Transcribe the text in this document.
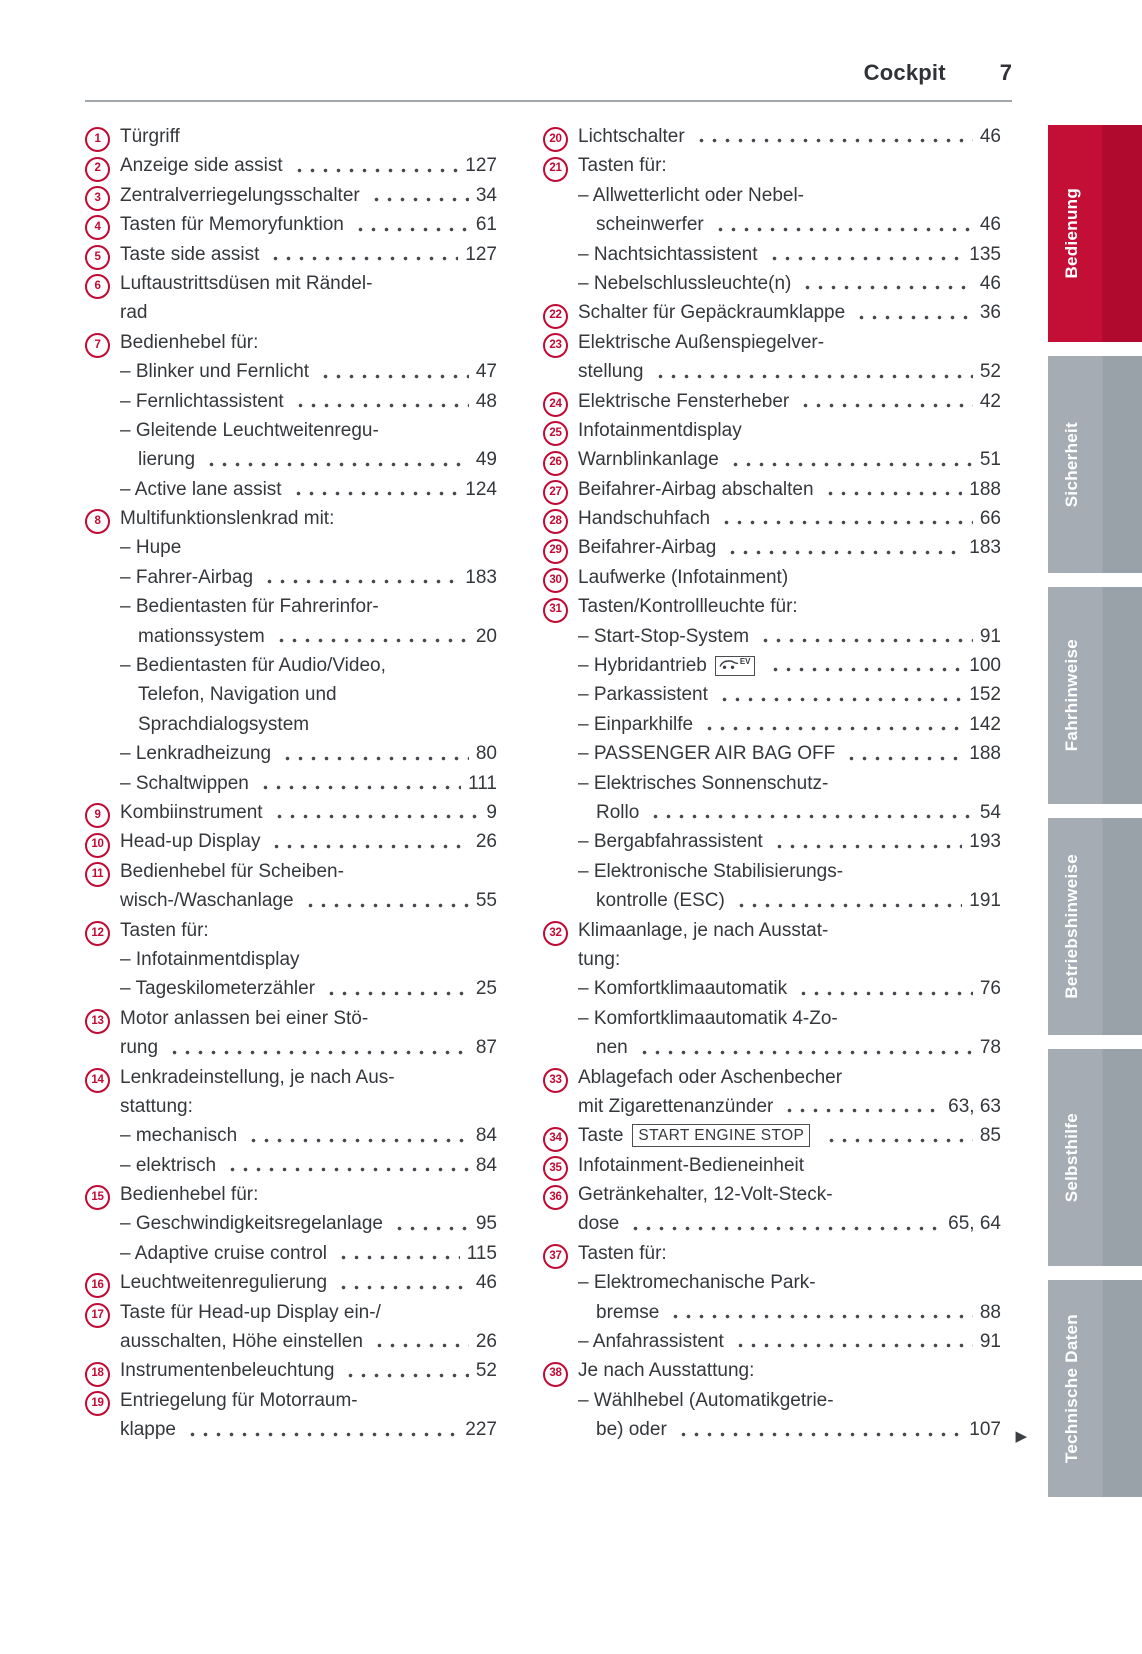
Cockpit 7
1	Türgriff
2	Anzeige side assist	127
3	Zentralverriegelungsschalter	34
4	Tasten für Memoryfunktion	61
5	Taste side assist	127
6	Luftaustrittsdüsen mit Rändel-
rad
7	Bedienhebel für:
– Blinker und Fernlicht	47
– Fernlichtassistent	48
– Gleitende Leuchtweitenregu-
lierung	49
– Active lane assist	124
8	Multifunktionslenkrad mit:
– Hupe
– Fahrer-Airbag	183
– Bedientasten für Fahrerinfor-
mationssystem	20
– Bedientasten für Audio/Video,
Telefon, Navigation und
Sprachdialogsystem
– Lenkradheizung	80
– Schaltwippen	111
9	Kombiinstrument	9
10 Head-up Display	26
11 Bedienhebel für Scheiben-
wisch-/Waschanlage	55
12 Tasten für:
– Infotainmentdisplay
– Tageskilometerzähler	25
13 Motor anlassen bei einer Stö-
rung	87
14 Lenkradeinstellung, je nach Aus-
stattung:
– mechanisch	84
– elektrisch	84
15 Bedienhebel für:
– Geschwindigkeitsregelanlage	95
– Adaptive cruise control	115
16 Leuchtweitenregulierung	46
17 Taste für Head-up Display ein-/
ausschalten, Höhe einstellen	26
18 Instrumentenbeleuchtung	52
19 Entriegelung für Motorraum-
klappe	227
20 Lichtschalter	46
21 Tasten für:
– Allwetterlicht oder Nebel-
scheinwerfer	46
– Nachtsichtassistent	135
– Nebelschlussleuchte(n)	46
22 Schalter für Gepäckraumklappe	36
23 Elektrische Außenspiegelver-
stellung	52
24 Elektrische Fensterheber	42
25 Infotainmentdisplay
26 Warnblinkanlage	51
27 Beifahrer-Airbag abschalten	188
28 Handschuhfach	66
29 Beifahrer-Airbag	183
30 Laufwerke (Infotainment)
31 Tasten/Kontrollleuchte für:
– Start-Stop-System	91
– Hybridantrieb	EV	100
– Parkassistent	152
– Einparkhilfe	142
– PASSENGER AIR BAG OFF	188
– Elektrisches Sonnenschutz-
Rollo	54
– Bergabfahrassistent	193
– Elektronische Stabilisierungs-
kontrolle (ESC)	191
32 Klimaanlage, je nach Ausstat-
tung:
– Komfortklimaautomatik	76
– Komfortklimaautomatik 4-Zo-
nen	78
33 Ablagefach oder Aschenbecher
mit Zigarettenanzünder	63, 63
34 Taste START ENGINE STOP	85
35 Infotainment-Bedieneinheit
36 Getränkehalter, 12-Volt-Steck-
dose	65, 64
37 Tasten für:
– Elektromechanische Park-
bremse	88
– Anfahrassistent	91
38 Je nach Ausstattung:
– Wählhebel (Automatikgetrie-
be) oder	107 ▶
Bedienung
Sicherheit
Fahrhinweise
Betriebshinweise
Selbsthilfe
Technische Daten
